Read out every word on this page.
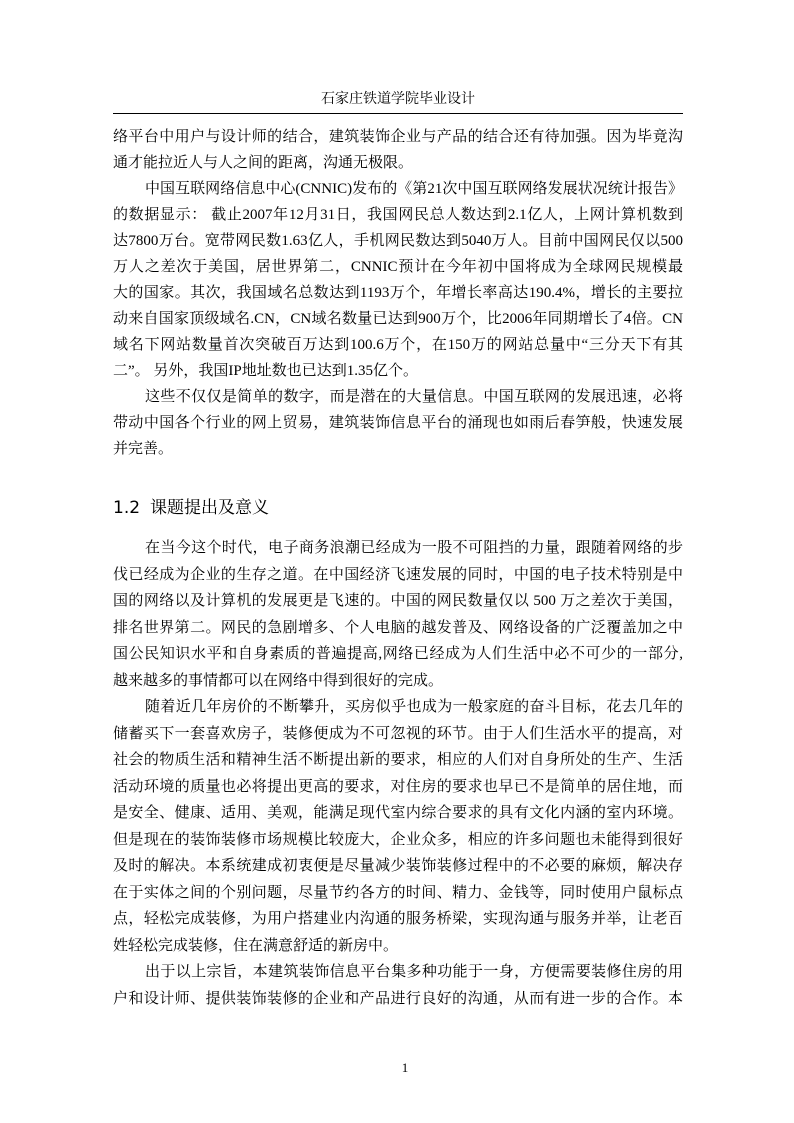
石家庄铁道学院毕业设计
络平台中用户与设计师的结合，建筑装饰企业与产品的结合还有待加强。因为毕竟沟
通才能拉近人与人之间的距离，沟通无极限。
中国互联网络信息中心(CNNIC)发布的《第21次中国互联网络发展状况统计报告》
的数据显示： 截止2007年12月31日，我国网民总人数达到2.1亿人，上网计算机数到
达7800万台。宽带网民数1.63亿人，手机网民数达到5040万人。目前中国网民仅以500
万人之差次于美国，居世界第二，CNNIC预计在今年初中国将成为全球网民规模最
大的国家。其次，我国域名总数达到1193万个，年增长率高达190.4%，增长的主要拉
动来自国家顶级域名.CN，CN域名数量已达到900万个，比2006年同期增长了4倍。CN
域名下网站数量首次突破百万达到100.6万个，在150万的网站总量中“三分天下有其
二”。 另外，我国IP地址数也已达到1.35亿个。
这些不仅仅是简单的数字，而是潜在的大量信息。中国互联网的发展迅速，必将
带动中国各个行业的网上贸易，建筑装饰信息平台的涌现也如雨后春笋般，快速发展
并完善。
1.2 课题提出及意义
在当今这个时代，电子商务浪潮已经成为一股不可阻挡的力量，跟随着网络的步
伐已经成为企业的生存之道。在中国经济飞速发展的同时，中国的电子技术特别是中
国的网络以及计算机的发展更是飞速的。中国的网民数量仅以 500 万之差次于美国，
排名世界第二。网民的急剧增多、个人电脑的越发普及、网络设备的广泛覆盖加之中
国公民知识水平和自身素质的普遍提高,网络已经成为人们生活中必不可少的一部分,
越来越多的事情都可以在网络中得到很好的完成。
随着近几年房价的不断攀升，买房似乎也成为一般家庭的奋斗目标，花去几年的
储蓄买下一套喜欢房子，装修便成为不可忽视的环节。由于人们生活水平的提高，对
社会的物质生活和精神生活不断提出新的要求，相应的人们对自身所处的生产、生活
活动环境的质量也必将提出更高的要求，对住房的要求也早已不是简单的居住地，而
是安全、健康、适用、美观，能满足现代室内综合要求的具有文化内涵的室内环境。
但是现在的装饰装修市场规模比较庞大，企业众多，相应的许多问题也未能得到很好
及时的解决。本系统建成初衷便是尽量减少装饰装修过程中的不必要的麻烦，解决存
在于实体之间的个别问题，尽量节约各方的时间、精力、金钱等，同时使用户鼠标点
点，轻松完成装修，为用户搭建业内沟通的服务桥梁，实现沟通与服务并举，让老百
姓轻松完成装修，住在满意舒适的新房中。
出于以上宗旨，本建筑装饰信息平台集多种功能于一身，方便需要装修住房的用
户和设计师、提供装饰装修的企业和产品进行良好的沟通，从而有进一步的合作。本
1
